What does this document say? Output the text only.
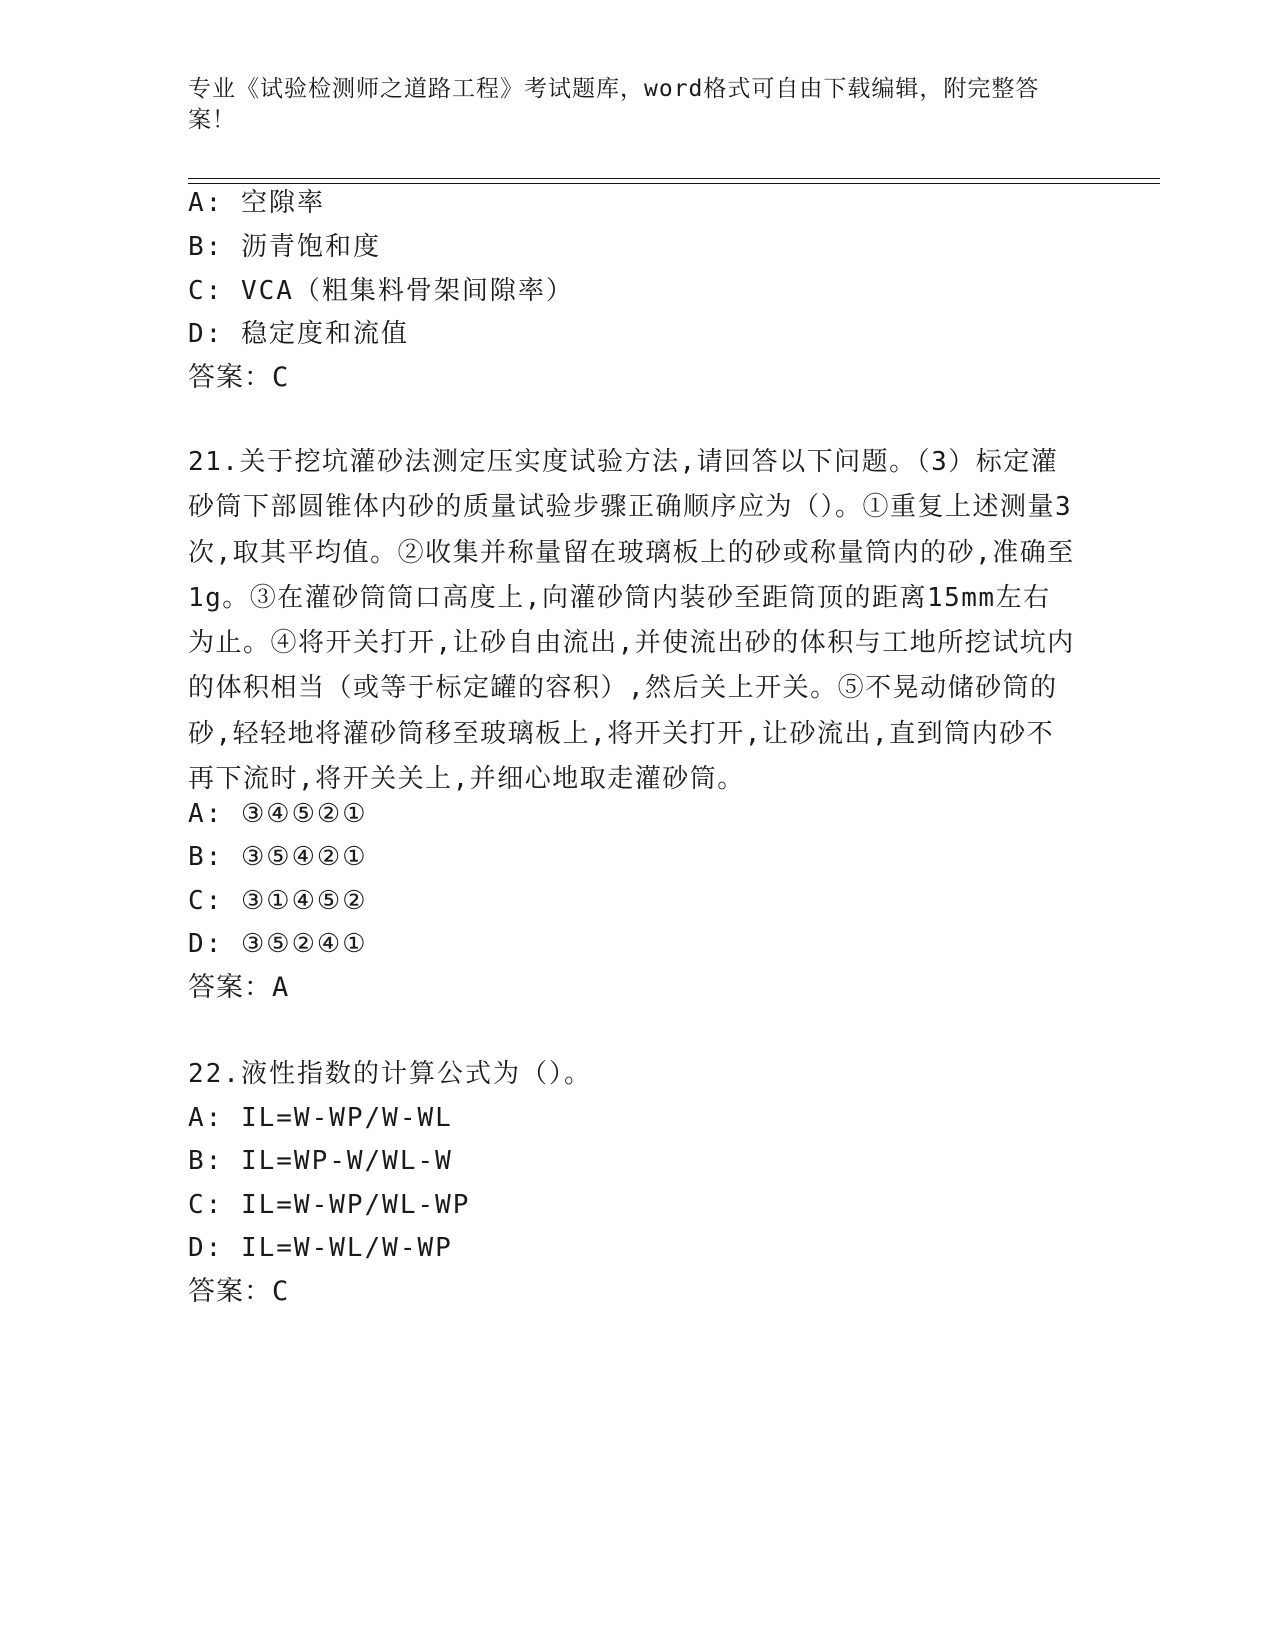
专业《试验检测师之道路工程》考试题库，word格式可自由下载编辑，附完整答案！
A: 空隙率
B: 沥青饱和度
C: VCA（粗集料骨架间隙率）
D: 稳定度和流值
答案：C
21.关于挖坑灌砂法测定压实度试验方法,请回答以下问题。（3）标定灌砂筒下部圆锥体内砂的质量试验步骤正确顺序应为（）。①重复上述测量3次,取其平均值。②收集并称量留在玻璃板上的砂或称量筒内的砂,准确至1g。③在灌砂筒筒口高度上,向灌砂筒内装砂至距筒顶的距离15mm左右为止。④将开关打开,让砂自由流出,并使流出砂的体积与工地所挖试坑内的体积相当（或等于标定罐的容积）,然后关上开关。⑤不晃动储砂筒的砂,轻轻地将灌砂筒移至玻璃板上,将开关打开,让砂流出,直到筒内砂不再下流时,将开关关上,并细心地取走灌砂筒。
A: ③④⑤②①
B: ③⑤④②①
C: ③①④⑤②
D: ③⑤②④①
答案：A
22.液性指数的计算公式为（）。
A: IL=W-WP/W-WL
B: IL=WP-W/WL-W
C: IL=W-WP/WL-WP
D: IL=W-WL/W-WP
答案：C
